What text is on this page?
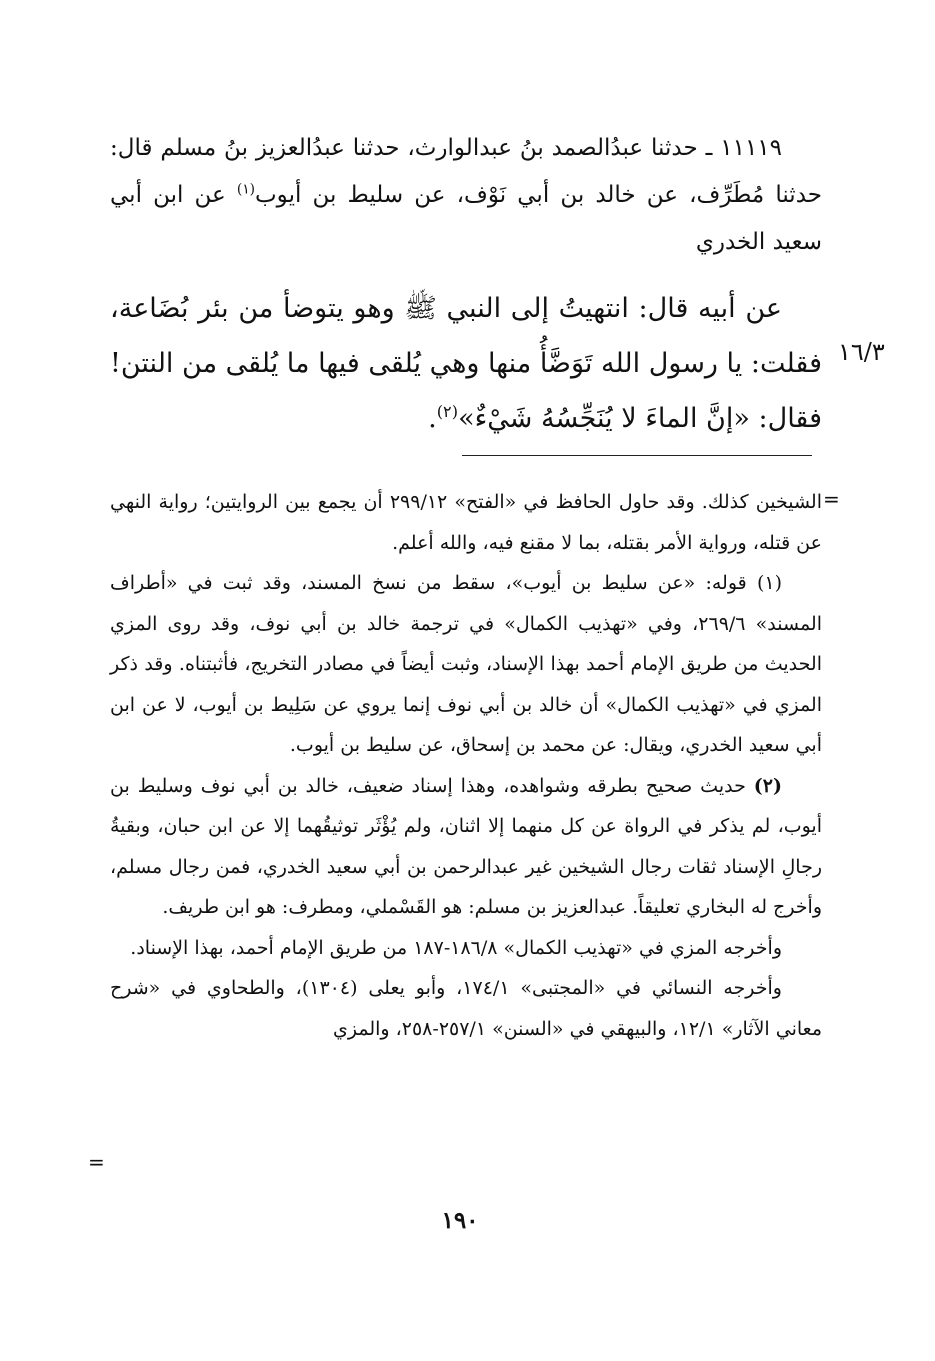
١١١١٩ ـ حدثنا عبدُالصمد بنُ عبدالوارث، حدثنا عبدُالعزيز بنُ مسلم قال: حدثنا مُطَرِّف، عن خالد بن أبي نَوْف، عن سليط بن أيوب$^{(١)}$ عن ابن أبي سعيد الخدري

عن أبيه قال: انتهيتُ إلى النبي ﷺ وهو يتوضأ من بئر بُضَاعة، فقلت: يا رسول الله تَوَضَّأُ منها وهي يُلقى فيها ما يُلقى من النتن! فقال: «إنَّ الماءَ لا يُنَجِّسُهُ شَيْءٌ»$^{(٢)}$.

١٦/٣
=

الشيخين كذلك. وقد حاول الحافظ في «الفتح» ٢٩٩/١٢ أن يجمع بين الروايتين؛ رواية النهي عن قتله، ورواية الأمر بقتله، بما لا مقنع فيه، والله أعلم.

(١) قوله: «عن سليط بن أيوب»، سقط من نسخ المسند، وقد ثبت في «أطراف المسند» ٢٦٩/٦، وفي «تهذيب الكمال» في ترجمة خالد بن أبي نوف، وقد روى المزي الحديث من طريق الإمام أحمد بهذا الإسناد، وثبت أيضاً في مصادر التخريج، فأثبتناه. وقد ذكر المزي في «تهذيب الكمال» أن خالد بن أبي نوف إنما يروي عن سَلِيط بن أيوب، لا عن ابن أبي سعيد الخدري، ويقال: عن محمد بن إسحاق، عن سليط بن أيوب.

(٢) حديث صحيح بطرقه وشواهده، وهذا إسناد ضعيف، خالد بن أبي نوف وسليط بن أيوب، لم يذكر في الرواة عن كل منهما إلا اثنان، ولم يُؤْثَر توثيقُهما إلا عن ابن حبان، وبقيةُ رجالِ الإسناد ثقات رجال الشيخين غير عبدالرحمن بن أبي سعيد الخدري، فمن رجال مسلم، وأخرج له البخاري تعليقاً. عبدالعزيز بن مسلم: هو القَسْملي، ومطرف: هو ابن طريف.

وأخرجه المزي في «تهذيب الكمال» ١٨٦/٨-١٨٧ من طريق الإمام أحمد، بهذا الإسناد.

وأخرجه النسائي في «المجتبى» ١٧٤/١، وأبو يعلى (١٣٠٤)، والطحاوي في «شرح معاني الآثار» ١٢/١، والبيهقي في «السنن» ٢٥٧/١-٢٥٨، والمزي

=
١٩٠
